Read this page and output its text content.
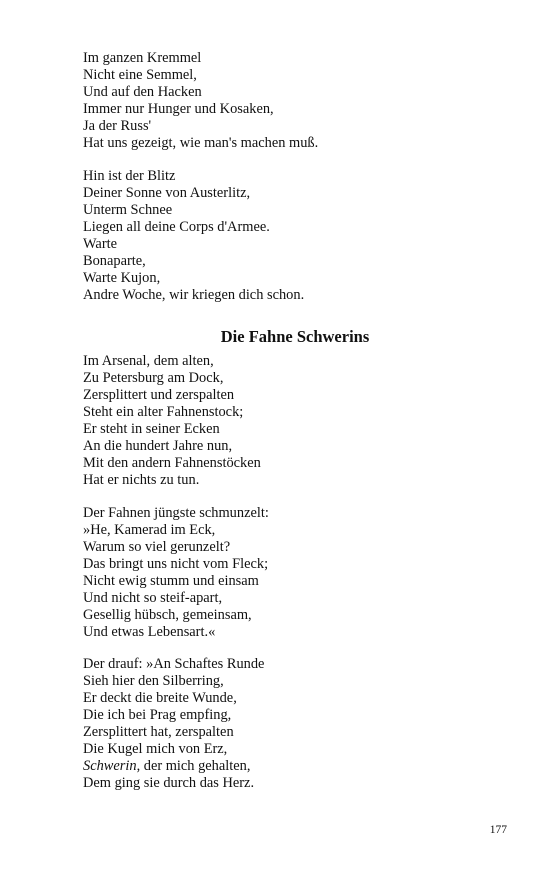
Im ganzen Kremmel
Nicht eine Semmel,
Und auf den Hacken
Immer nur Hunger und Kosaken,
Ja der Russ'
Hat uns gezeigt, wie man's machen muß.
Hin ist der Blitz
Deiner Sonne von Austerlitz,
Unterm Schnee
Liegen all deine Corps d'Armee.
Warte
Bonaparte,
Warte Kujon,
Andre Woche, wir kriegen dich schon.
Die Fahne Schwerins
Im Arsenal, dem alten,
Zu Petersburg am Dock,
Zersplittert und zerspalten
Steht ein alter Fahnenstock;
Er steht in seiner Ecken
An die hundert Jahre nun,
Mit den andern Fahnenstöcken
Hat er nichts zu tun.
Der Fahnen jüngste schmunzelt:
»He, Kamerad im Eck,
Warum so viel gerunzelt?
Das bringt uns nicht vom Fleck;
Nicht ewig stumm und einsam
Und nicht so steif-apart,
Gesellig hübsch, gemeinsam,
Und etwas Lebensart.«
Der drauf: »An Schaftes Runde
Sieh hier den Silberring,
Er deckt die breite Wunde,
Die ich bei Prag empfing,
Zersplittert hat, zerspalten
Die Kugel mich von Erz,
Schwerin, der mich gehalten,
Dem ging sie durch das Herz.
177
